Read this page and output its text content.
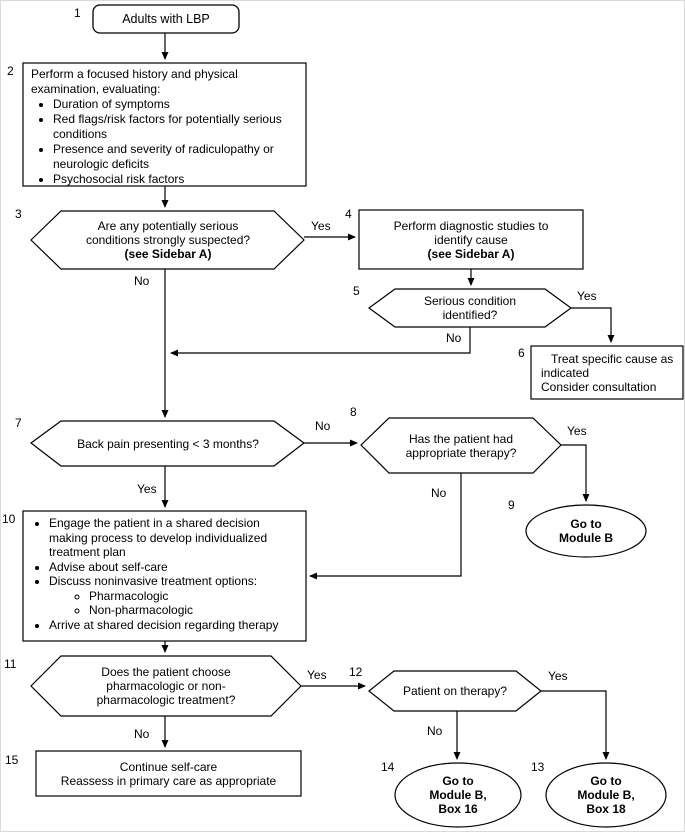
1
2
3	4
5
6
7
8
9
10
11
12
13
14
15
Yes
No
Yes
No
No	Yes
Yes	No
Yes
No
Yes
No
Adults with LBP
Perform a focused history and physical examination, evaluating:
• Duration of symptoms
• Red flags/risk factors for potentially serious conditions
• Presence and severity of radiculopathy or neurologic deficits
• Psychosocial risk factors
Are any potentially serious
conditions strongly suspected?
(see Sidebar A)
Perform diagnostic studies to
identify cause
(see Sidebar A)
Serious condition
identified?
Treat specific cause as
indicated
Consider consultation
Back pain presenting < 3 months?	Has the patient had
appropriate therapy?
Go to
Module B
• Engage the patient in a shared decision making process to develop individualized treatment plan
• Advise about self-care
• Discuss noninvasive treatment options:
◦ Pharmacologic
◦ Non-pharmacologic
• Arrive at shared decision regarding therapy
Does the patient choose
pharmacologic or non-
pharmacologic treatment?
Patient on therapy?
Go to
Module B,
Box 18
Go to
Module B,
Box 16
Continue self-care
Reassess in primary care as appropriate
